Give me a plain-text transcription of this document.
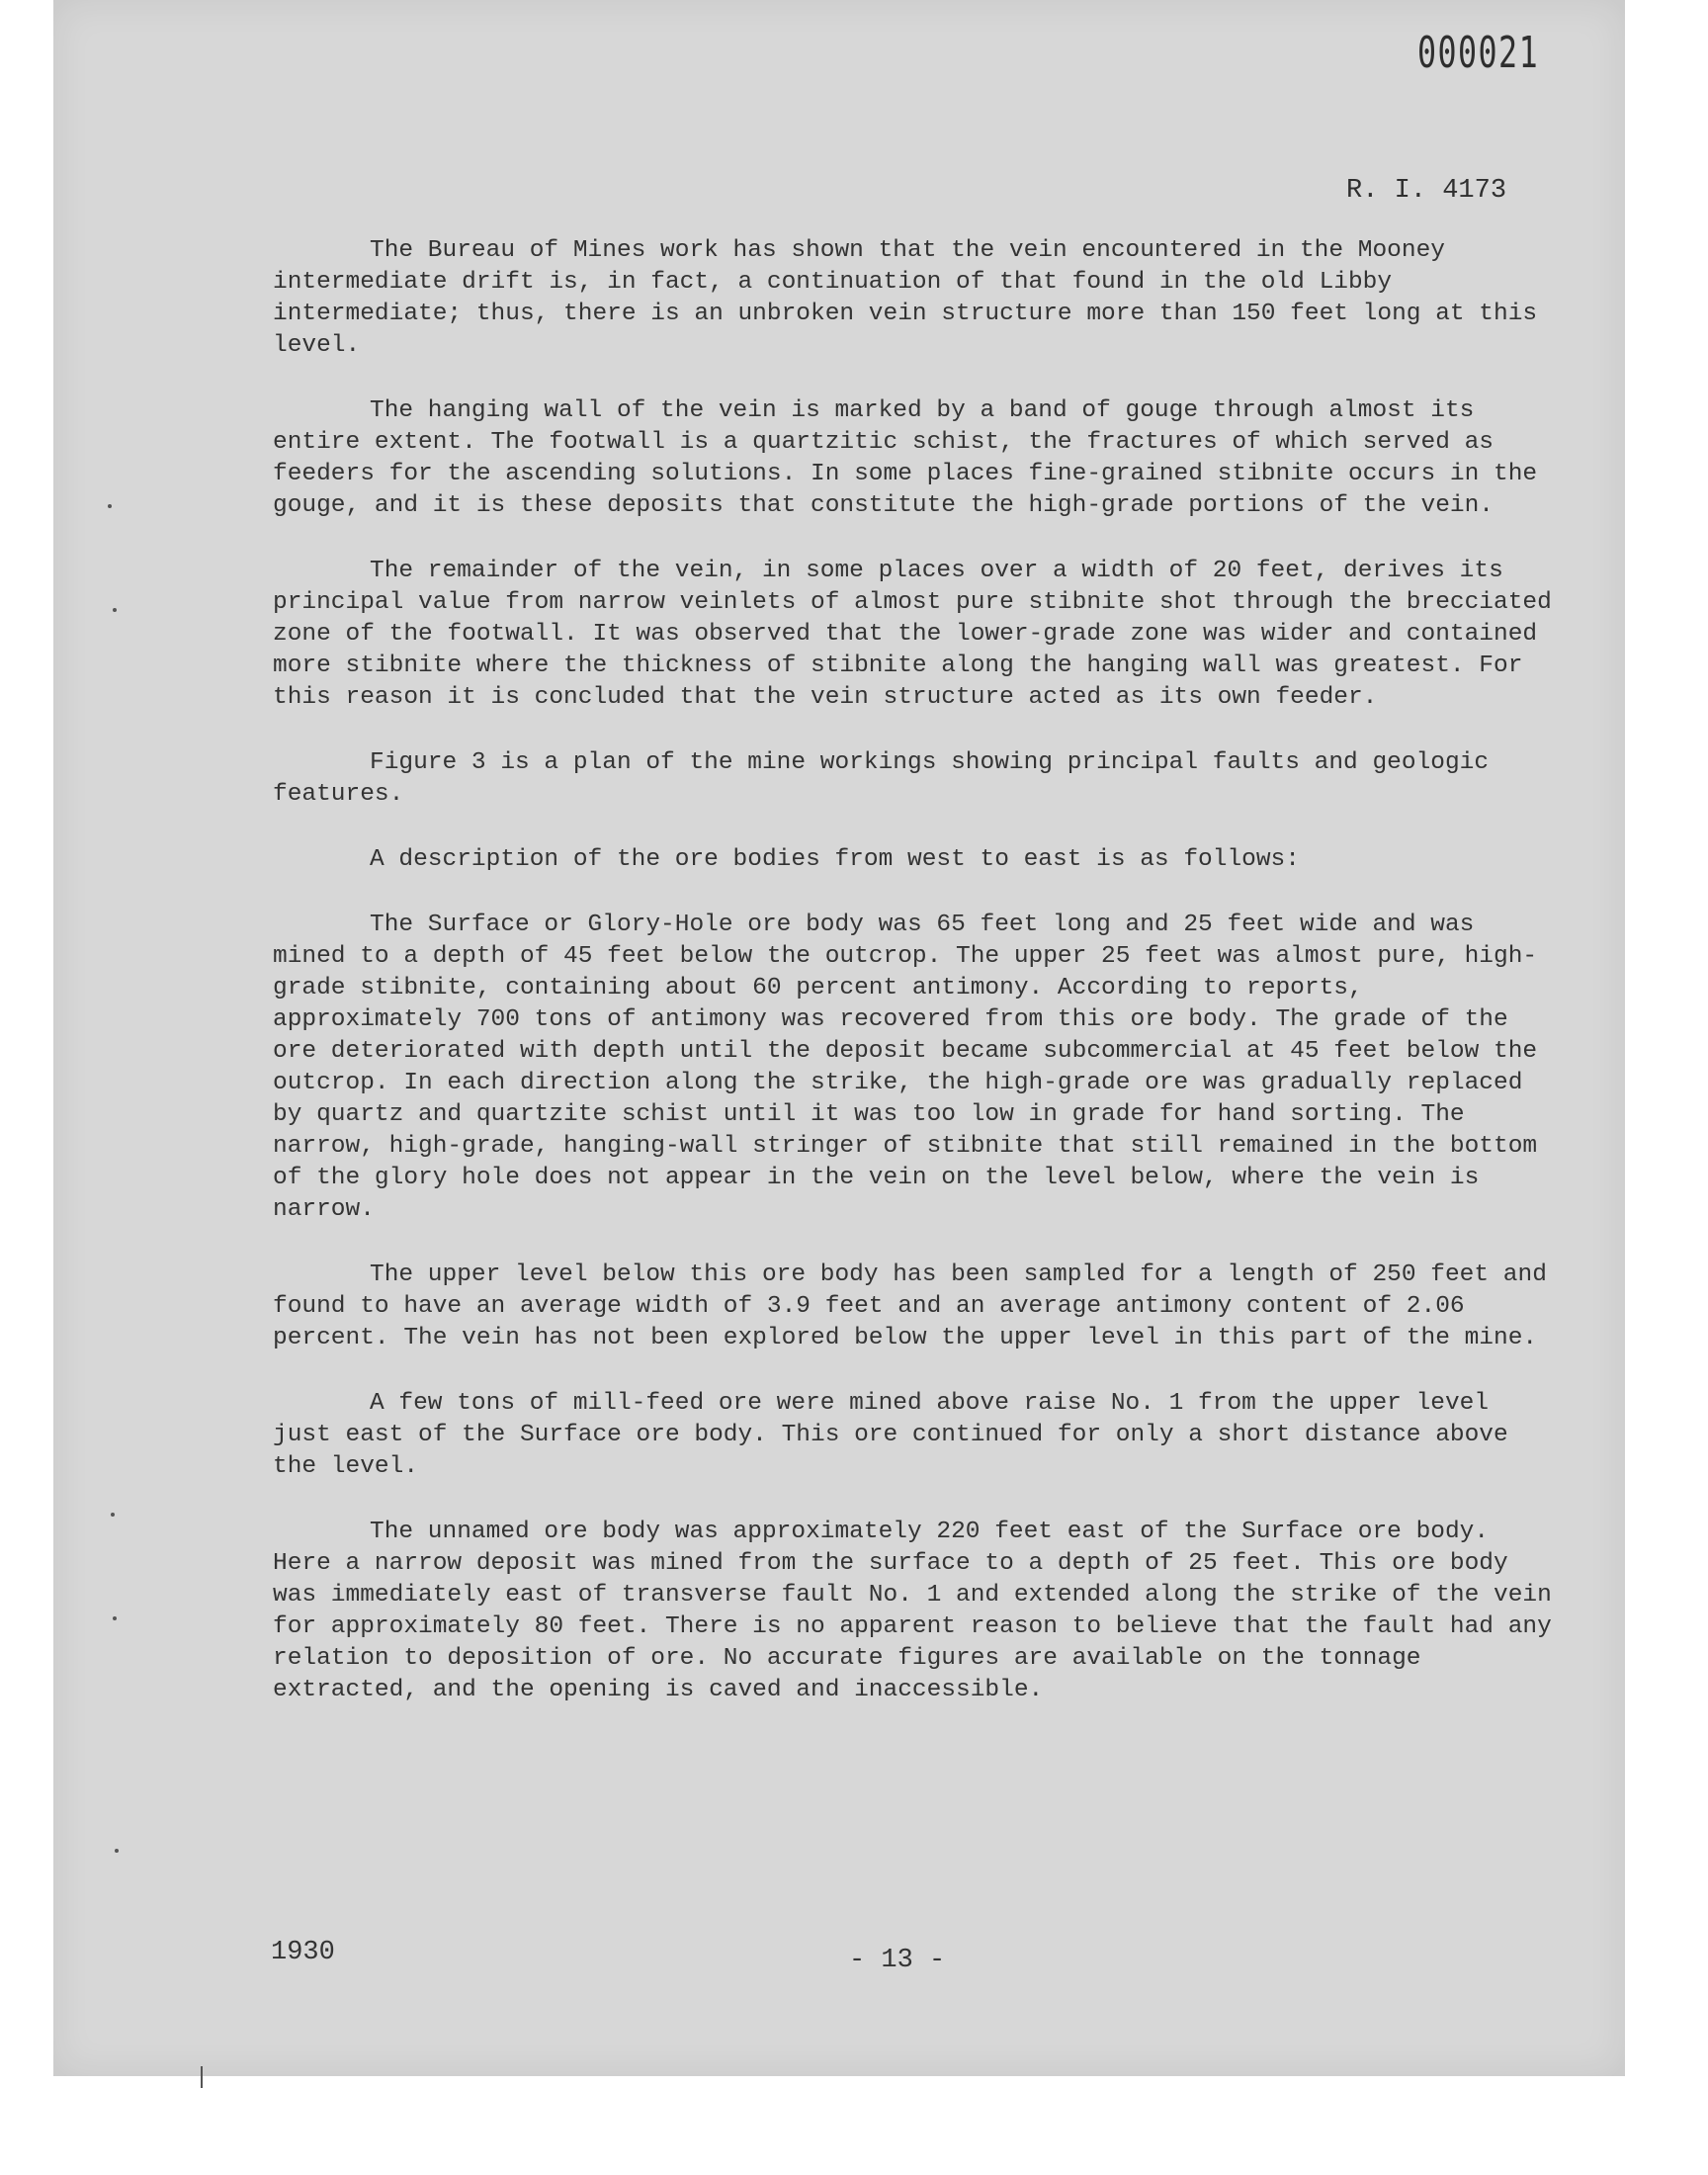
000021
R. I. 4173

The Bureau of Mines work has shown that the vein encountered in the Mooney intermediate drift is, in fact, a continuation of that found in the old Libby intermediate; thus, there is an unbroken vein structure more than 150 feet long at this level.

The hanging wall of the vein is marked by a band of gouge through almost its entire extent. The footwall is a quartzitic schist, the fractures of which served as feeders for the ascending solutions. In some places fine-grained stibnite occurs in the gouge, and it is these deposits that constitute the high-grade portions of the vein.

The remainder of the vein, in some places over a width of 20 feet, derives its principal value from narrow veinlets of almost pure stibnite shot through the brecciated zone of the footwall. It was observed that the lower-grade zone was wider and contained more stibnite where the thickness of stibnite along the hanging wall was greatest. For this reason it is concluded that the vein structure acted as its own feeder.

Figure 3 is a plan of the mine workings showing principal faults and geologic features.

A description of the ore bodies from west to east is as follows:

The Surface or Glory-Hole ore body was 65 feet long and 25 feet wide and was mined to a depth of 45 feet below the outcrop. The upper 25 feet was almost pure, high-grade stibnite, containing about 60 percent antimony. According to reports, approximately 700 tons of antimony was recovered from this ore body. The grade of the ore deteriorated with depth until the deposit became subcommercial at 45 feet below the outcrop. In each direction along the strike, the high-grade ore was gradually replaced by quartz and quartzite schist until it was too low in grade for hand sorting. The narrow, high-grade, hanging-wall stringer of stibnite that still remained in the bottom of the glory hole does not appear in the vein on the level below, where the vein is narrow.

The upper level below this ore body has been sampled for a length of 250 feet and found to have an average width of 3.9 feet and an average antimony content of 2.06 percent. The vein has not been explored below the upper level in this part of the mine.

A few tons of mill-feed ore were mined above raise No. 1 from the upper level just east of the Surface ore body. This ore continued for only a short distance above the level.

The unnamed ore body was approximately 220 feet east of the Surface ore body. Here a narrow deposit was mined from the surface to a depth of 25 feet. This ore body was immediately east of transverse fault No. 1 and extended along the strike of the vein for approximately 80 feet. There is no apparent reason to believe that the fault had any relation to deposition of ore. No accurate figures are available on the tonnage extracted, and the opening is caved and inaccessible.

1930	- 13 -
